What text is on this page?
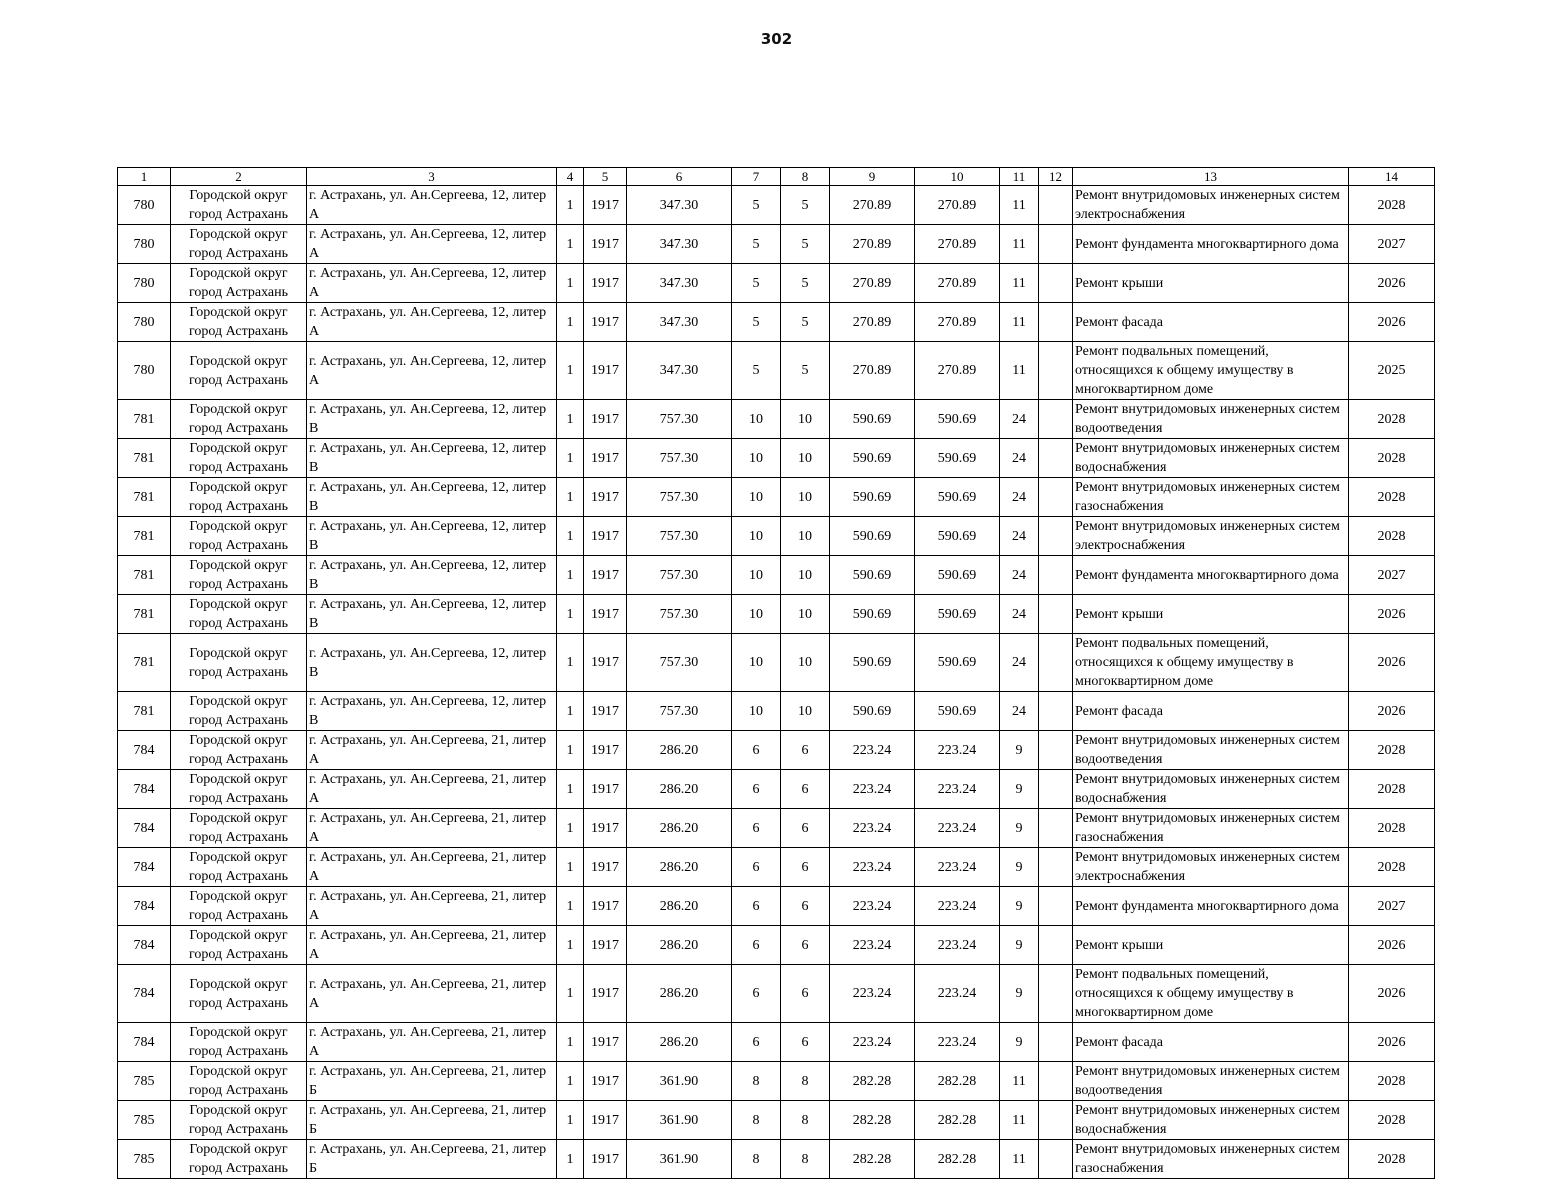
302
1	2	3	4	5	6	7	8	9	10	11	12	13	14
780	Городской округ город Астрахань	г. Астрахань, ул. Ан.Сергеева, 12, литер А	1	1917	347.30	5	5	270.89	270.89	11		Ремонт внутридомовых инженерных систем электроснабжения	2028
780	Городской округ город Астрахань	г. Астрахань, ул. Ан.Сергеева, 12, литер А	1	1917	347.30	5	5	270.89	270.89	11		Ремонт фундамента многоквартирного дома	2027
780	Городской округ город Астрахань	г. Астрахань, ул. Ан.Сергеева, 12, литер А	1	1917	347.30	5	5	270.89	270.89	11		Ремонт крыши	2026
780	Городской округ город Астрахань	г. Астрахань, ул. Ан.Сергеева, 12, литер А	1	1917	347.30	5	5	270.89	270.89	11		Ремонт фасада	2026
780	Городской округ город Астрахань	г. Астрахань, ул. Ан.Сергеева, 12, литер А	1	1917	347.30	5	5	270.89	270.89	11		Ремонт подвальных помещений, относящихся к общему имуществу в многоквартирном доме	2025
781	Городской округ город Астрахань	г. Астрахань, ул. Ан.Сергеева, 12, литер В	1	1917	757.30	10	10	590.69	590.69	24		Ремонт внутридомовых инженерных систем водоотведения	2028
781	Городской округ город Астрахань	г. Астрахань, ул. Ан.Сергеева, 12, литер В	1	1917	757.30	10	10	590.69	590.69	24		Ремонт внутридомовых инженерных систем водоснабжения	2028
781	Городской округ город Астрахань	г. Астрахань, ул. Ан.Сергеева, 12, литер В	1	1917	757.30	10	10	590.69	590.69	24		Ремонт внутридомовых инженерных систем газоснабжения	2028
781	Городской округ город Астрахань	г. Астрахань, ул. Ан.Сергеева, 12, литер В	1	1917	757.30	10	10	590.69	590.69	24		Ремонт внутридомовых инженерных систем электроснабжения	2028
781	Городской округ город Астрахань	г. Астрахань, ул. Ан.Сергеева, 12, литер В	1	1917	757.30	10	10	590.69	590.69	24		Ремонт фундамента многоквартирного дома	2027
781	Городской округ город Астрахань	г. Астрахань, ул. Ан.Сергеева, 12, литер В	1	1917	757.30	10	10	590.69	590.69	24		Ремонт крыши	2026
781	Городской округ город Астрахань	г. Астрахань, ул. Ан.Сергеева, 12, литер В	1	1917	757.30	10	10	590.69	590.69	24		Ремонт подвальных помещений, относящихся к общему имуществу в многоквартирном доме	2026
781	Городской округ город Астрахань	г. Астрахань, ул. Ан.Сергеева, 12, литер В	1	1917	757.30	10	10	590.69	590.69	24		Ремонт фасада	2026
784	Городской округ город Астрахань	г. Астрахань, ул. Ан.Сергеева, 21, литер А	1	1917	286.20	6	6	223.24	223.24	9		Ремонт внутридомовых инженерных систем водоотведения	2028
784	Городской округ город Астрахань	г. Астрахань, ул. Ан.Сергеева, 21, литер А	1	1917	286.20	6	6	223.24	223.24	9		Ремонт внутридомовых инженерных систем водоснабжения	2028
784	Городской округ город Астрахань	г. Астрахань, ул. Ан.Сергеева, 21, литер А	1	1917	286.20	6	6	223.24	223.24	9		Ремонт внутридомовых инженерных систем газоснабжения	2028
784	Городской округ город Астрахань	г. Астрахань, ул. Ан.Сергеева, 21, литер А	1	1917	286.20	6	6	223.24	223.24	9		Ремонт внутридомовых инженерных систем электроснабжения	2028
784	Городской округ город Астрахань	г. Астрахань, ул. Ан.Сергеева, 21, литер А	1	1917	286.20	6	6	223.24	223.24	9		Ремонт фундамента многоквартирного дома	2027
784	Городской округ город Астрахань	г. Астрахань, ул. Ан.Сергеева, 21, литер А	1	1917	286.20	6	6	223.24	223.24	9		Ремонт крыши	2026
784	Городской округ город Астрахань	г. Астрахань, ул. Ан.Сергеева, 21, литер А	1	1917	286.20	6	6	223.24	223.24	9		Ремонт подвальных помещений, относящихся к общему имуществу в многоквартирном доме	2026
784	Городской округ город Астрахань	г. Астрахань, ул. Ан.Сергеева, 21, литер А	1	1917	286.20	6	6	223.24	223.24	9		Ремонт фасада	2026
785	Городской округ город Астрахань	г. Астрахань, ул. Ан.Сергеева, 21, литер Б	1	1917	361.90	8	8	282.28	282.28	11		Ремонт внутридомовых инженерных систем водоотведения	2028
785	Городской округ город Астрахань	г. Астрахань, ул. Ан.Сергеева, 21, литер Б	1	1917	361.90	8	8	282.28	282.28	11		Ремонт внутридомовых инженерных систем водоснабжения	2028
785	Городской округ город Астрахань	г. Астрахань, ул. Ан.Сергеева, 21, литер Б	1	1917	361.90	8	8	282.28	282.28	11		Ремонт внутридомовых инженерных систем газоснабжения	2028
